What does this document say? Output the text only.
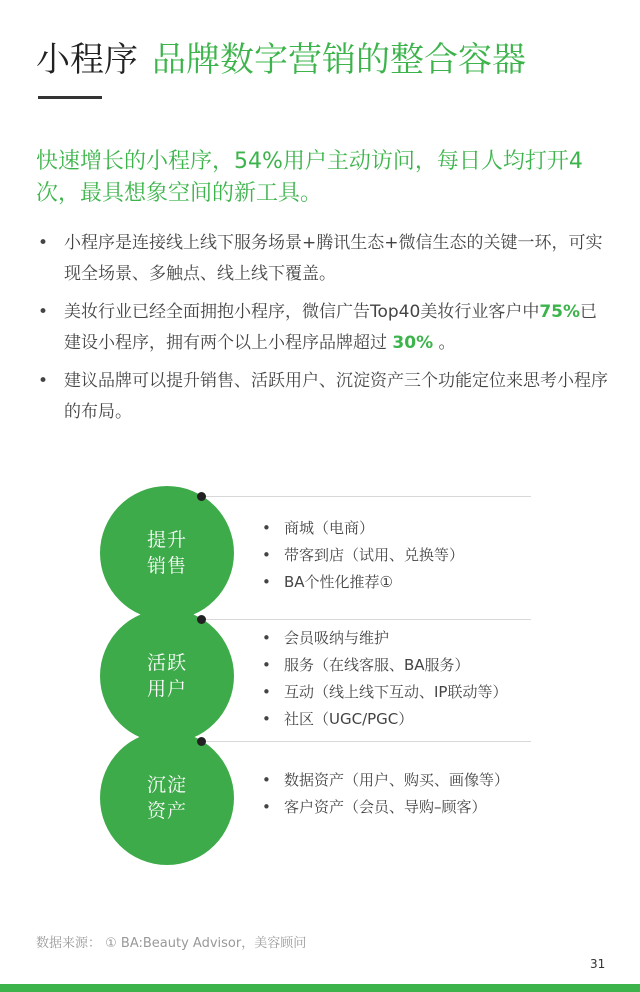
小程序 品牌数字营销的整合容器
快速增长的小程序，54%用户主动访问，每日人均打开4次，最具想象空间的新工具。
• 小程序是连接线上线下服务场景+腾讯生态+微信生态的关键一环，可实现全场景、多触点、线上线下覆盖。
• 美妆行业已经全面拥抱小程序，微信广告Top40美妆行业客户中75%已建设小程序，拥有两个以上小程序品牌超过 30% 。
• 建议品牌可以提升销售、活跃用户、沉淀资产三个功能定位来思考小程序的布局。
提升
销售
活跃
用户
沉淀
资产
• 商城（电商）
• 带客到店（试用、兑换等）
• BA个性化推荐①
• 会员吸纳与维护
• 服务（在线客服、BA服务）
• 互动（线上线下互动、IP联动等）
• 社区（UGC/PGC）
• 数据资产（用户、购买、画像等）
• 客户资产（会员、导购–顾客）
数据来源： ① BA:Beauty Advisor，美容顾问
31
